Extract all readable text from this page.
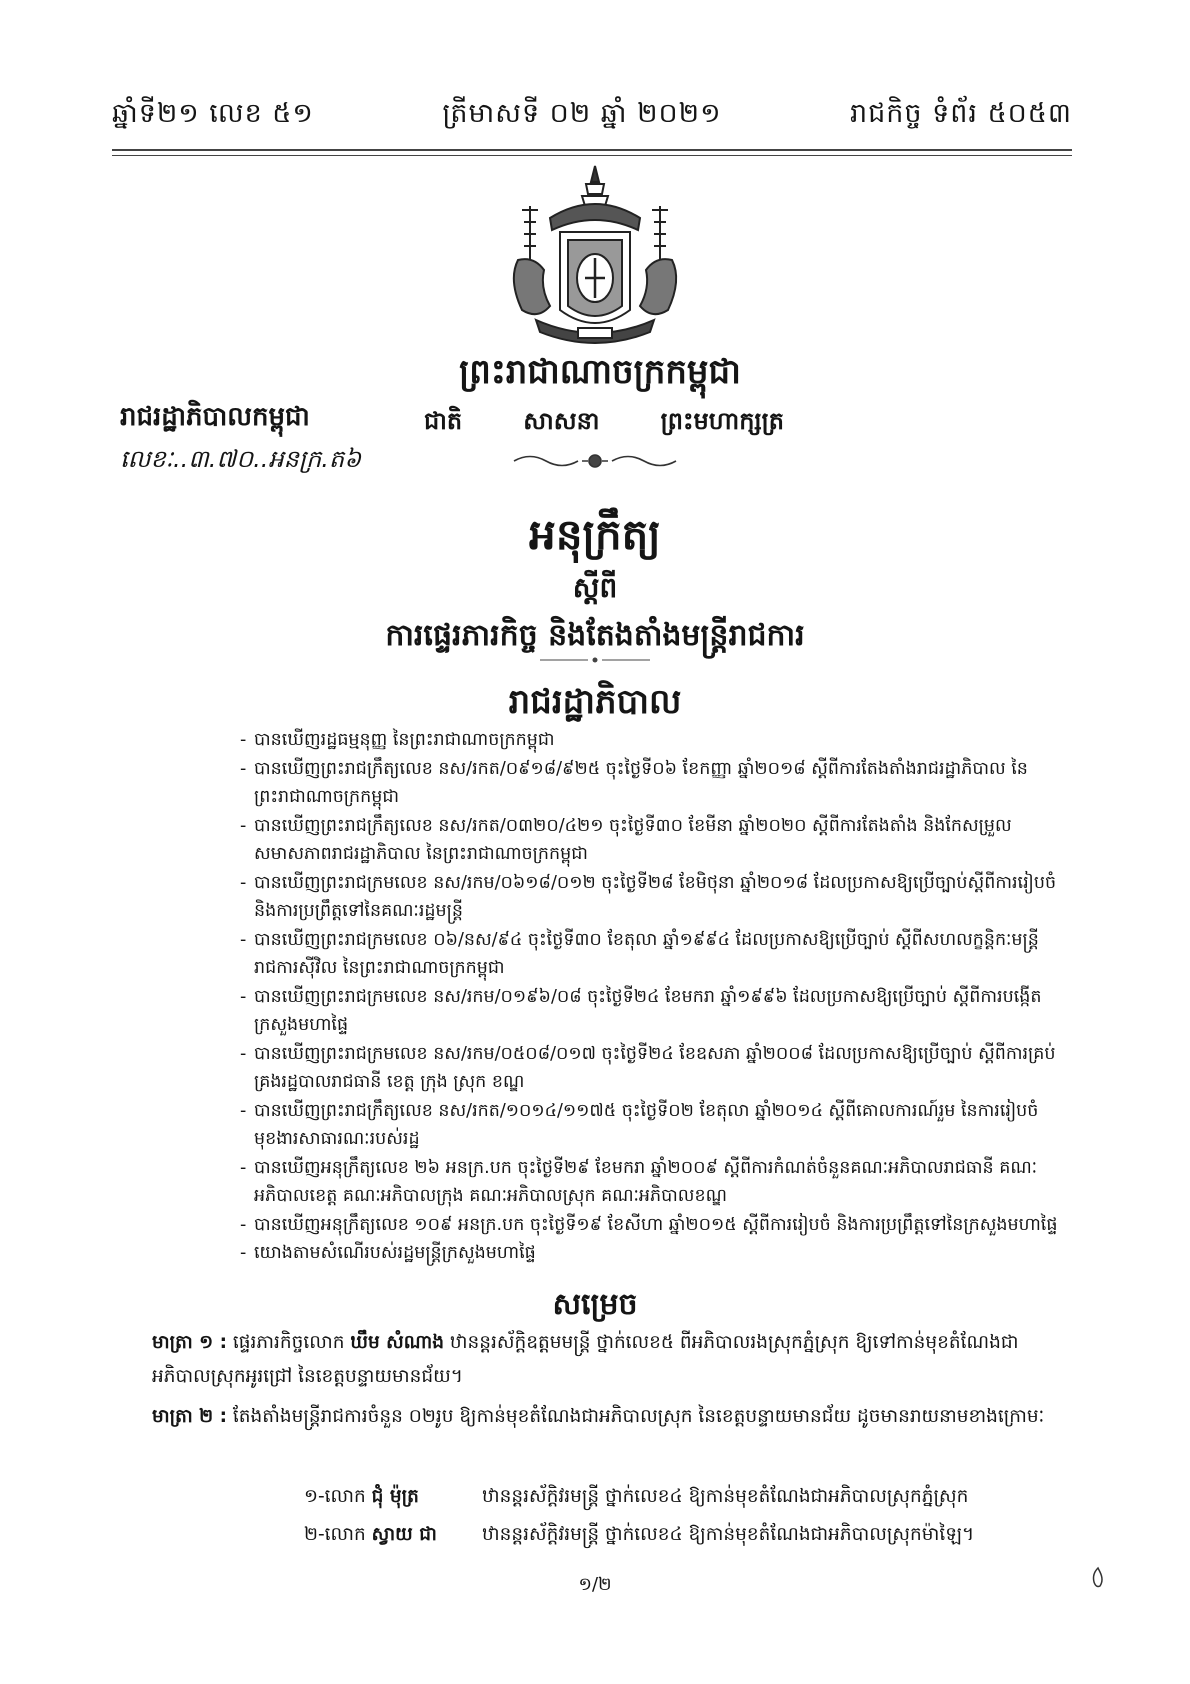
ឆ្នាំទី២១ លេខ ៥១	ត្រីមាសទី ០២ ឆ្នាំ ២០២១	រាជកិច្ច ទំព័រ ៥០៥៣
ព្រះរាជាណាចក្រកម្ពុជា
ជាតិ	សាសនា	ព្រះមហាក្សត្រ
រាជរដ្ឋាភិបាលកម្ពុជា
លេខៈ..៣.៧០..អនក្រ.ត៦
អនុក្រឹត្យ
ស្តីពី
ការផ្ទេរភារកិច្ច និងតែងតាំងមន្ត្រីរាជការ
រាជរដ្ឋាភិបាល
- បានឃើញរដ្ឋធម្មនុញ្ញ នៃព្រះរាជាណាចក្រកម្ពុជា
- បានឃើញព្រះរាជក្រឹត្យលេខ នស/រកត/០៩១៨/៩២៥ ចុះថ្ងៃទី០៦ ខែកញ្ញា ឆ្នាំ២០១៨ ស្តីពីការតែងតាំងរាជរដ្ឋាភិបាល នៃព្រះរាជាណាចក្រកម្ពុជា
- បានឃើញព្រះរាជក្រឹត្យលេខ នស/រកត/០៣២០/៤២១ ចុះថ្ងៃទី៣០ ខែមីនា ឆ្នាំ២០២០ ស្តីពីការតែងតាំង និងកែសម្រួលសមាសភាពរាជរដ្ឋាភិបាល នៃព្រះរាជាណាចក្រកម្ពុជា
- បានឃើញព្រះរាជក្រមលេខ នស/រកម/០៦១៨/០១២ ចុះថ្ងៃទី២៨ ខែមិថុនា ឆ្នាំ២០១៨ ដែលប្រកាសឱ្យប្រើច្បាប់ស្តីពីការរៀបចំ និងការប្រព្រឹត្តទៅនៃគណៈរដ្ឋមន្ត្រី
- បានឃើញព្រះរាជក្រមលេខ ០៦/នស/៩៤ ចុះថ្ងៃទី៣០ ខែតុលា ឆ្នាំ១៩៩៤ ដែលប្រកាសឱ្យប្រើច្បាប់ ស្តីពីសហលក្ខន្តិកៈមន្ត្រីរាជការស៊ីវិល នៃព្រះរាជាណាចក្រកម្ពុជា
- បានឃើញព្រះរាជក្រមលេខ នស/រកម/០១៩៦/០៨ ចុះថ្ងៃទី២៤ ខែមករា ឆ្នាំ១៩៩៦ ដែលប្រកាសឱ្យប្រើច្បាប់ ស្តីពីការបង្កើតក្រសួងមហាផ្ទៃ
- បានឃើញព្រះរាជក្រមលេខ នស/រកម/០៥០៨/០១៧ ចុះថ្ងៃទី២៤ ខែឧសភា ឆ្នាំ២០០៨ ដែលប្រកាសឱ្យប្រើច្បាប់ ស្តីពីការគ្រប់គ្រងរដ្ឋបាលរាជធានី ខេត្ត ក្រុង ស្រុក ខណ្ឌ
- បានឃើញព្រះរាជក្រឹត្យលេខ នស/រកត/១០១៤/១១៧៥ ចុះថ្ងៃទី០២ ខែតុលា ឆ្នាំ២០១៤ ស្តីពីគោលការណ៍រួម នៃការរៀបចំមុខងារសាធារណៈរបស់រដ្ឋ
- បានឃើញអនុក្រឹត្យលេខ ២៦ អនក្រ.បក ចុះថ្ងៃទី២៩ ខែមករា ឆ្នាំ២០០៩ ស្តីពីការកំណត់ចំនួនគណៈអភិបាលរាជធានី គណៈអភិបាលខេត្ត គណៈអភិបាលក្រុង គណៈអភិបាលស្រុក គណៈអភិបាលខណ្ឌ
- បានឃើញអនុក្រឹត្យលេខ ១០៩ អនក្រ.បក ចុះថ្ងៃទី១៩ ខែសីហា ឆ្នាំ២០១៥ ស្តីពីការរៀបចំ និងការប្រព្រឹត្តទៅនៃក្រសួងមហាផ្ទៃ
- យោងតាមសំណើរបស់រដ្ឋមន្ត្រីក្រសួងមហាផ្ទៃ
សម្រេច
មាត្រា ១ : ផ្ទេរភារកិច្ចលោក ឃឹម សំណាង ឋានន្តរស័ក្តិឧត្តមមន្ត្រី ថ្នាក់លេខ៥ ពីអភិបាលរងស្រុកភ្នំស្រុក ឱ្យទៅកាន់មុខតំណែងជាអភិបាលស្រុកអូរជ្រៅ នៃខេត្តបន្ទាយមានជ័យ។
មាត្រា ២ : តែងតាំងមន្ត្រីរាជការចំនួន ០២រូប ឱ្យកាន់មុខតំណែងជាអភិបាលស្រុក នៃខេត្តបន្ទាយមានជ័យ ដូចមានរាយនាមខាងក្រោមៈ
១-លោក ជុំ ម៉ុត្រ	ឋានន្តរស័ក្តិវរមន្ត្រី ថ្នាក់លេខ៤ ឱ្យកាន់មុខតំណែងជាអភិបាលស្រុកភ្នំស្រុក
២-លោក ស្វាយ ជា	ឋានន្តរស័ក្តិវរមន្ត្រី ថ្នាក់លេខ៤ ឱ្យកាន់មុខតំណែងជាអភិបាលស្រុកម៉ាឡៃ។
១/២
